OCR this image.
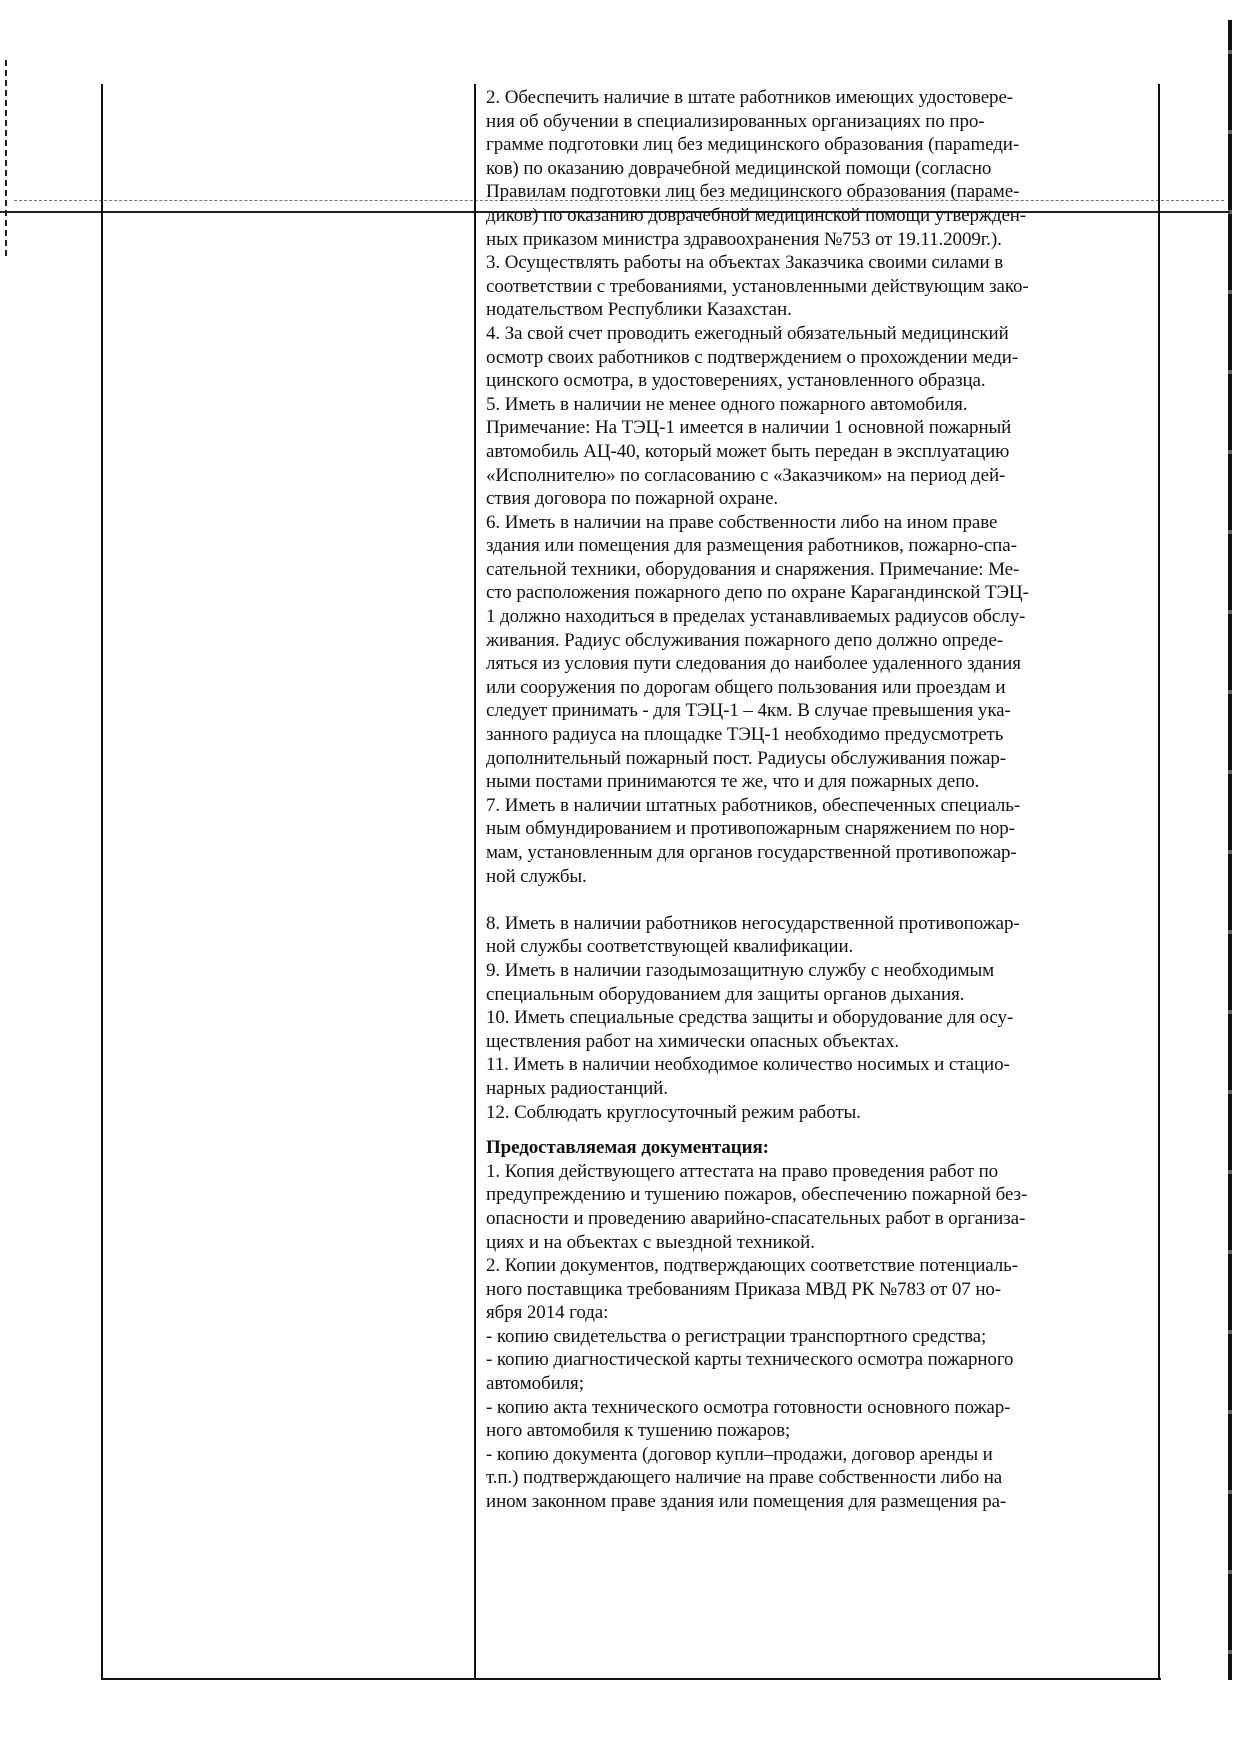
2. Обеспечить наличие в штате работников имеющих удостовере-

ния об обучении в специализированных организациях по про-

грамме подготовки лиц без медицинского образования (параmеди-

ков) по оказанию доврачебной медицинской помощи (согласно

Правилам подготовки лиц без медицинского образования (параме-

диков) по оказанию доврачебной медицинской помощи утвержден-

ных приказом министра здравоохранения №753 от 19.11.2009г.).

3. Осуществлять работы на объектах Заказчика своими силами в

соответствии с требованиями, установленными действующим зако-

нодательством Республики Казахстан.

4. За свой счет проводить ежегодный обязательный медицинский

осмотр своих работников с подтверждением о прохождении меди-

цинского осмотра, в удостоверениях, установленного образца.

5. Иметь в наличии не менее одного пожарного автомобиля.

Примечание: На ТЭЦ-1 имеется в наличии 1 основной пожарный

автомобиль АЦ-40, который может быть передан в эксплуатацию

«Исполнителю» по согласованию с «Заказчиком» на период дей-

ствия договора по пожарной охране.

6. Иметь в наличии на праве собственности либо на ином праве

здания или помещения для размещения работников, пожарно-спа-

сательной техники, оборудования и снаряжения. Примечание: Ме-

сто расположения пожарного депо по охране Карагандинской ТЭЦ-

1 должно находиться в пределах устанавливаемых радиусов обслу-

живания. Радиус обслуживания пожарного депо должно опреде-

ляться из условия пути следования до наиболее удаленного здания

или сооружения по дорогам общего пользования или проездам и

следует принимать - для ТЭЦ-1 – 4км. В случае превышения ука-

занного радиуса на площадке ТЭЦ-1 необходимо предусмотреть

дополнительный пожарный пост. Радиусы обслуживания пожар-

ными постами принимаются те же, что и для пожарных депо.

7. Иметь в наличии штатных работников, обеспеченных специаль-

ным обмундированием и противопожарным снаряжением по нор-

мам, установленным для органов государственной противопожар-

ной службы.

8. Иметь в наличии работников негосударственной противопожар-

ной службы соответствующей квалификации.

9. Иметь в наличии газодымозащитную службу с необходимым

специальным оборудованием для защиты органов дыхания.

10. Иметь специальные средства защиты и оборудование для осу-

ществления работ на химически опасных объектах.

11. Иметь в наличии необходимое количество носимых и стацио-

нарных радиостанций.

12. Соблюдать круглосуточный режим работы.

Предоставляемая документация:

1. Копия действующего аттестата на право проведения работ по

предупреждению и тушению пожаров, обеспечению пожарной без-

опасности и проведению аварийно-спасательных работ в организа-

циях и на объектах с выездной техникой.

2. Копии документов, подтверждающих соответствие потенциаль-

ного поставщика требованиям Приказа МВД РК №783 от 07 но-

ября 2014 года:

- копию свидетельства о регистрации транспортного средства;

- копию диагностической карты технического осмотра пожарного

автомобиля;

- копию акта технического осмотра готовности основного пожар-

ного автомобиля к тушению пожаров;

- копию документа (договор купли–продажи, договор аренды и

т.п.) подтверждающего наличие на праве собственности либо на

ином законном праве здания или помещения для размещения ра-
